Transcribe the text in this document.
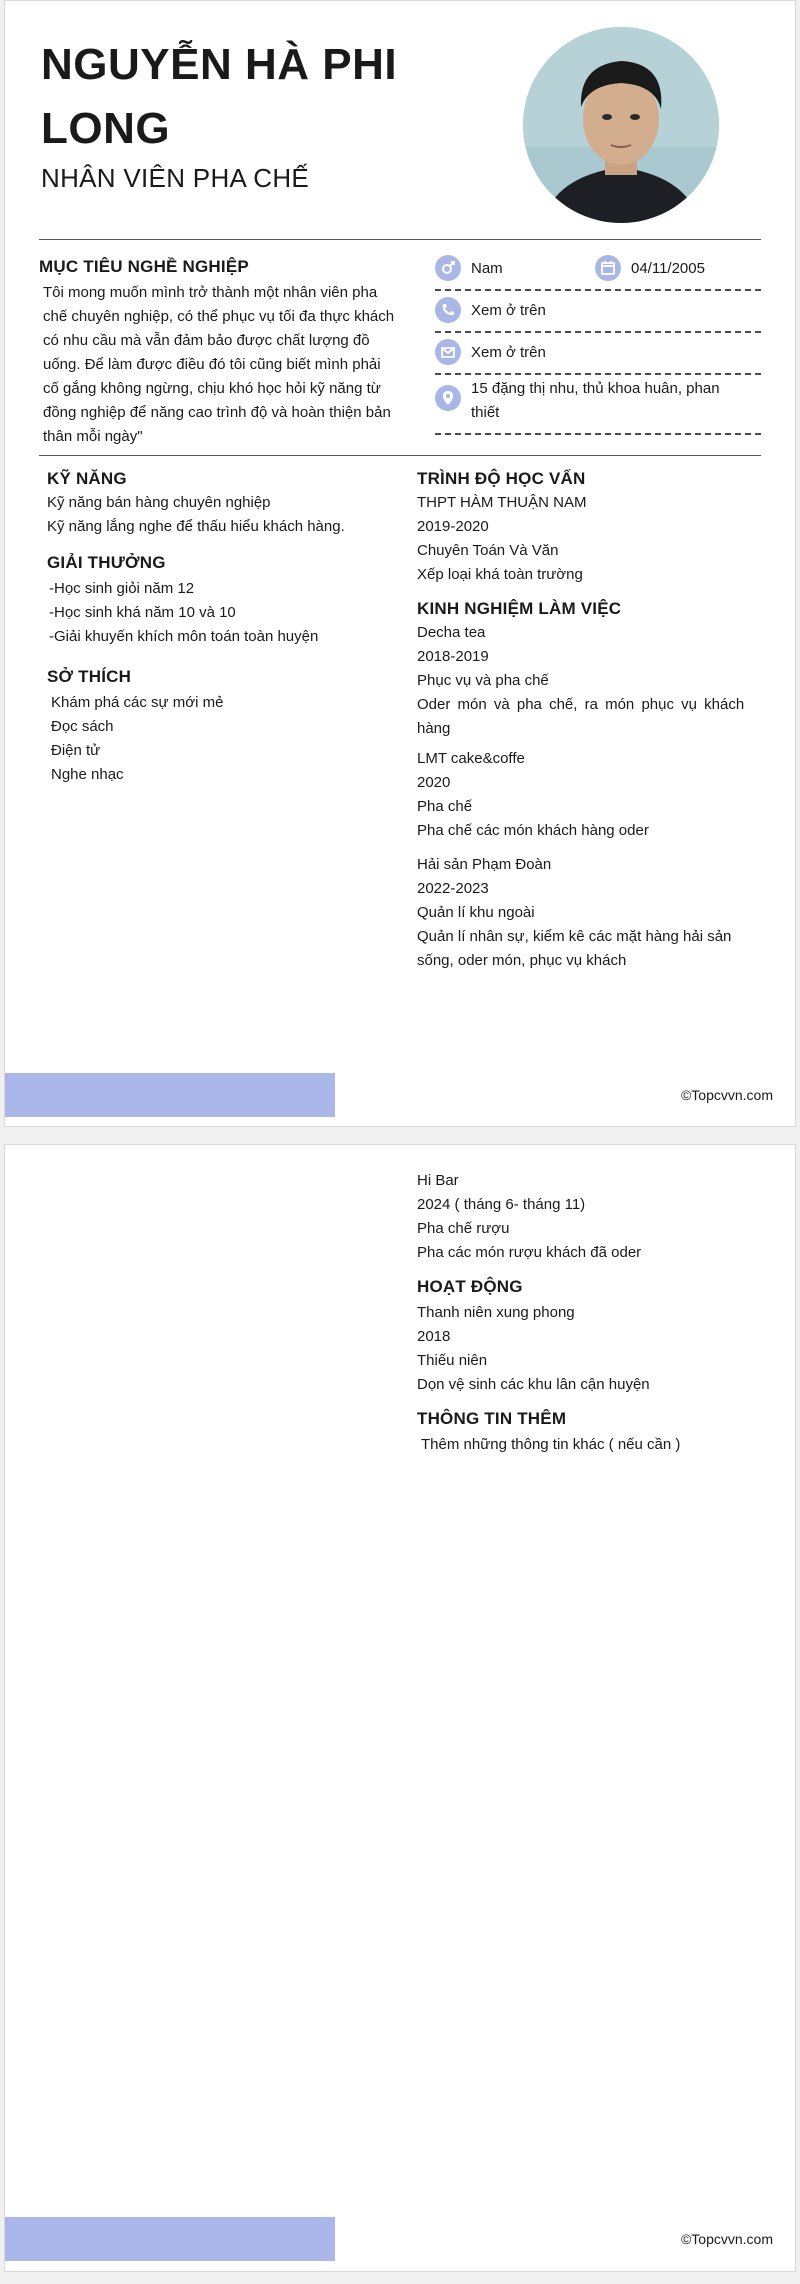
NGUYỄN HÀ PHI LONG
NHÂN VIÊN PHA CHẾ
MỤC TIÊU NGHỀ NGHIỆP

Tôi mong muốn mình trở thành một nhân viên pha

chế chuyên nghiệp, có thể phục vụ tối đa thực khách

có nhu cầu mà vẫn đảm bảo được chất lượng đồ

uống. Để làm được điều đó tôi cũng biết mình phải

cố gắng không ngừng, chịu khó học hỏi kỹ năng từ

đồng nghiệp để năng cao trình độ và hoàn thiện bản

thân mỗi ngày"

Nam	04/11/2005
Xem ở trên
Xem ở trên
15 đặng thị nhu, thủ khoa huân, phan
thiết
KỸ NĂNG

Kỹ năng bán hàng chuyên nghiệp

Kỹ năng lắng nghe để thấu hiểu khách hàng.

GIẢI THƯỞNG

-Học sinh giỏi năm 12

-Học sinh khá năm 10 và 10

-Giải khuyến khích môn toán toàn huyện

SỞ THÍCH

Khám phá các sự mới mẻ

Đọc sách

Điện tử

Nghe nhạc

TRÌNH ĐỘ HỌC VẤN

THPT HÀM THUẬN NAM

2019-2020

Chuyên Toán Và Văn

Xếp loại khá toàn trường

KINH NGHIỆM LÀM VIỆC

Decha tea

2018-2019

Phục vụ và pha chế

Oder món và pha chế, ra món phục vụ khách

hàng

LMT cake&coffe

2020

Pha chế

Pha chế các món khách hàng oder

Hải sản Phạm Đoàn

2022-2023

Quản lí khu ngoài

Quản lí nhân sự, kiểm kê các mặt hàng hải sản

sống, oder món, phục vụ khách

©Topcvvn.com

Hi Bar

2024 ( tháng 6- tháng 11)

Pha chế rượu

Pha các món rượu khách đã oder

HOẠT ĐỘNG

Thanh niên xung phong

2018

Thiếu niên

Dọn vệ sinh các khu lân cận huyện

THÔNG TIN THÊM

Thêm những thông tin khác ( nếu cần )

©Topcvvn.com
